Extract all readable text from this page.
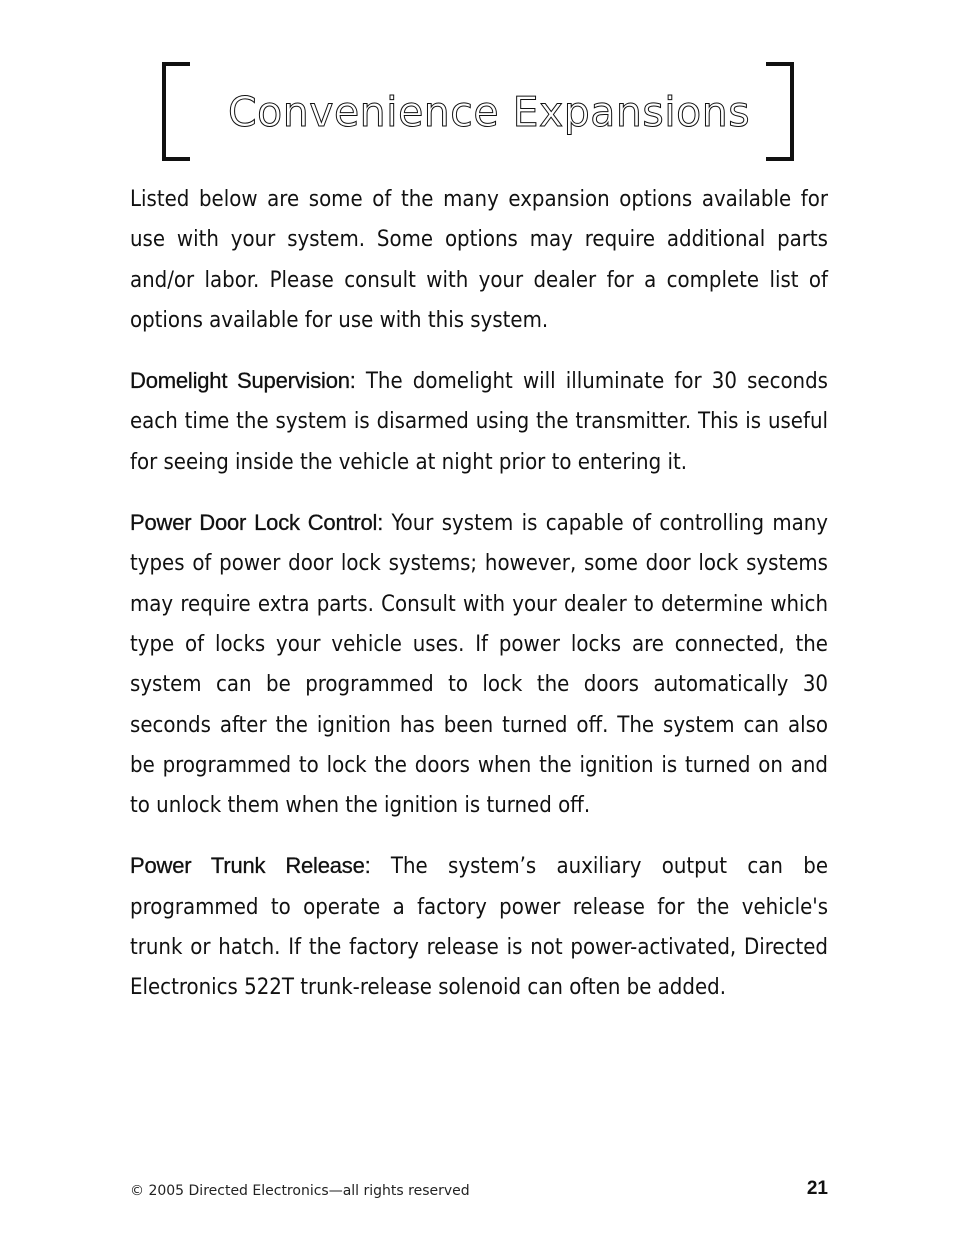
Convenience Expansions

Listed below are some of the many expansion options available for use with your system. Some options may require additional parts and/or labor. Please consult with your dealer for a complete list of options available for use with this system.

Domelight Supervision: The domelight will illuminate for 30 seconds each time the system is disarmed using the transmitter. This is useful for seeing inside the vehicle at night prior to entering it.

Power Door Lock Control: Your system is capable of controlling many types of power door lock systems; however, some door lock systems may require extra parts. Consult with your dealer to determine which type of locks your vehicle uses. If power locks are connected, the system can be programmed to lock the doors automatically 30 seconds after the ignition has been turned off. The system can also be programmed to lock the doors when the ignition is turned on and to unlock them when the ignition is turned off.

Power Trunk Release: The system’s auxiliary output can be programmed to operate a factory power release for the vehicle's trunk or hatch. If the factory release is not power-activated, Directed Electronics 522T trunk-release solenoid can often be added.

© 2005 Directed Electronics—all rights reserved	21
